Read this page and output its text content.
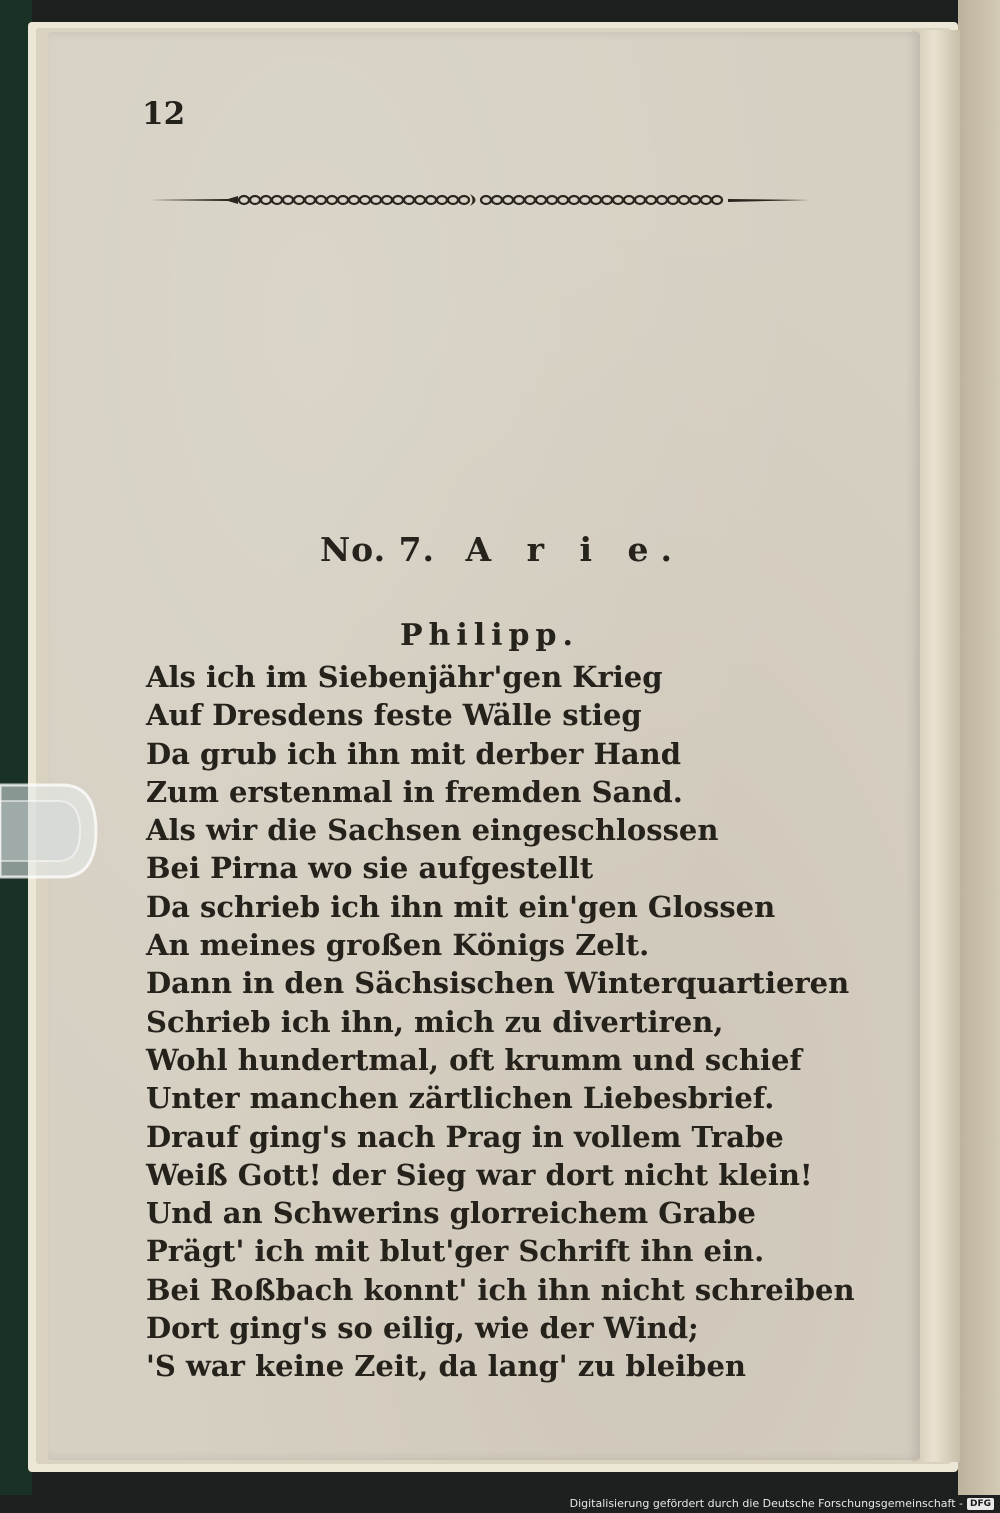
12
No. 7. A r i e.
Philipp.
Als ich im Siebenjähr'gen Krieg
Auf Dresdens feste Wälle stieg
Da grub ich ihn mit derber Hand
Zum erstenmal in fremden Sand.
Als wir die Sachsen eingeschlossen
Bei Pirna wo sie aufgestellt
Da schrieb ich ihn mit ein'gen Glossen
An meines großen Königs Zelt.
Dann in den Sächsischen Winterquartieren
Schrieb ich ihn, mich zu divertiren,
Wohl hundertmal, oft krumm und schief
Unter manchen zärtlichen Liebesbrief.
Drauf ging's nach Prag in vollem Trabe
Weiß Gott! der Sieg war dort nicht klein!
Und an Schwerins glorreichem Grabe
Prägt' ich mit blut'ger Schrift ihn ein.
Bei Roßbach konnt' ich ihn nicht schreiben
Dort ging's so eilig, wie der Wind;
'S war keine Zeit, da lang' zu bleiben
Digitalisierung gefördert durch die Deutsche Forschungsgemeinschaft - DFG
